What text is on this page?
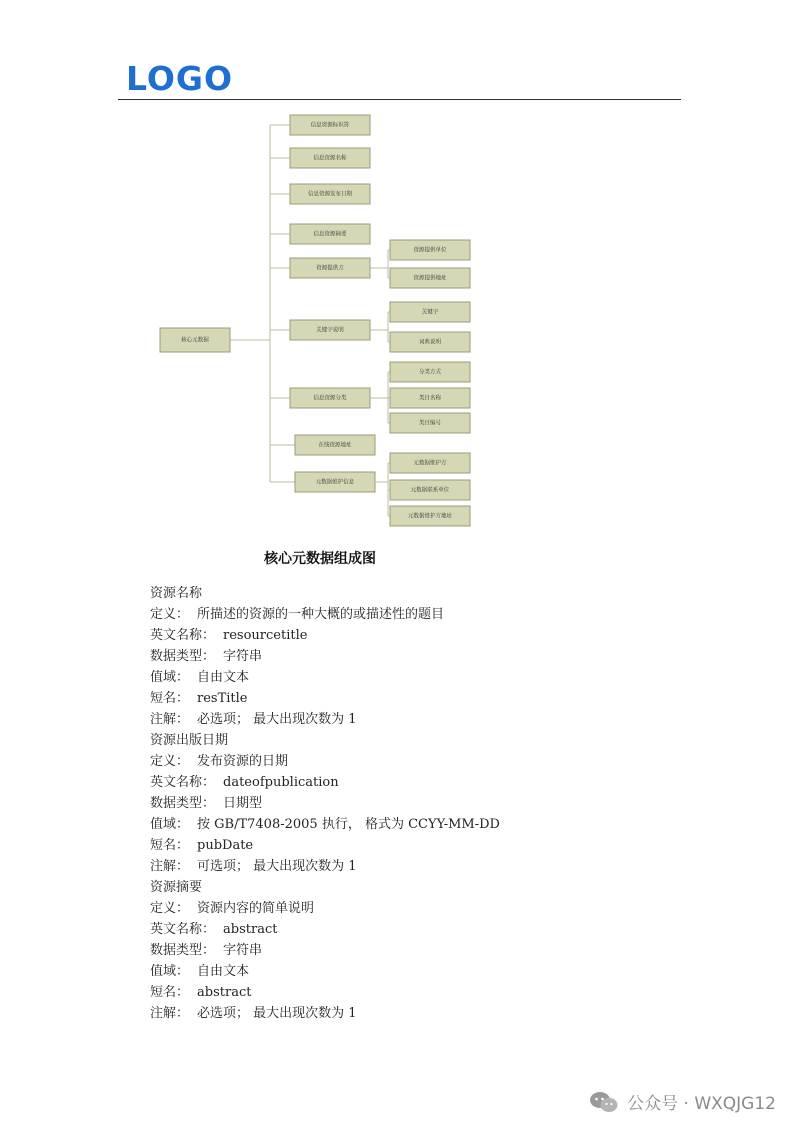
LOGO
信息资源标识符
信息资源名称
信息资源发布日期
信息资源摘要
资源提供方
资源提供单位
资源提供地址
关键字说明
关键字
词典说明
信息资源分类
分类方式
类目名称
类目编号
在线资源地址
元数据维护信息
元数据维护方
元数据联系单位
元数据维护方地址
核心元数据
核心元数据组成图
资源名称
定义： 所描述的资源的一种大概的或描述性的题目
英文名称： resourcetitle
数据类型： 字符串
值域： 自由文本
短名： resTitle
注解： 必选项； 最大出现次数为 1
资源出版日期
定义： 发布资源的日期
英文名称： dateofpublication
数据类型： 日期型
值域： 按 GB/T7408-2005 执行， 格式为 CCYY-MM-DD
短名： pubDate
注解： 可选项； 最大出现次数为 1
资源摘要
定义： 资源内容的简单说明
英文名称： abstract
数据类型： 字符串
值域： 自由文本
短名： abstract
注解： 必选项； 最大出现次数为 1
公众号 · WXQJG12
